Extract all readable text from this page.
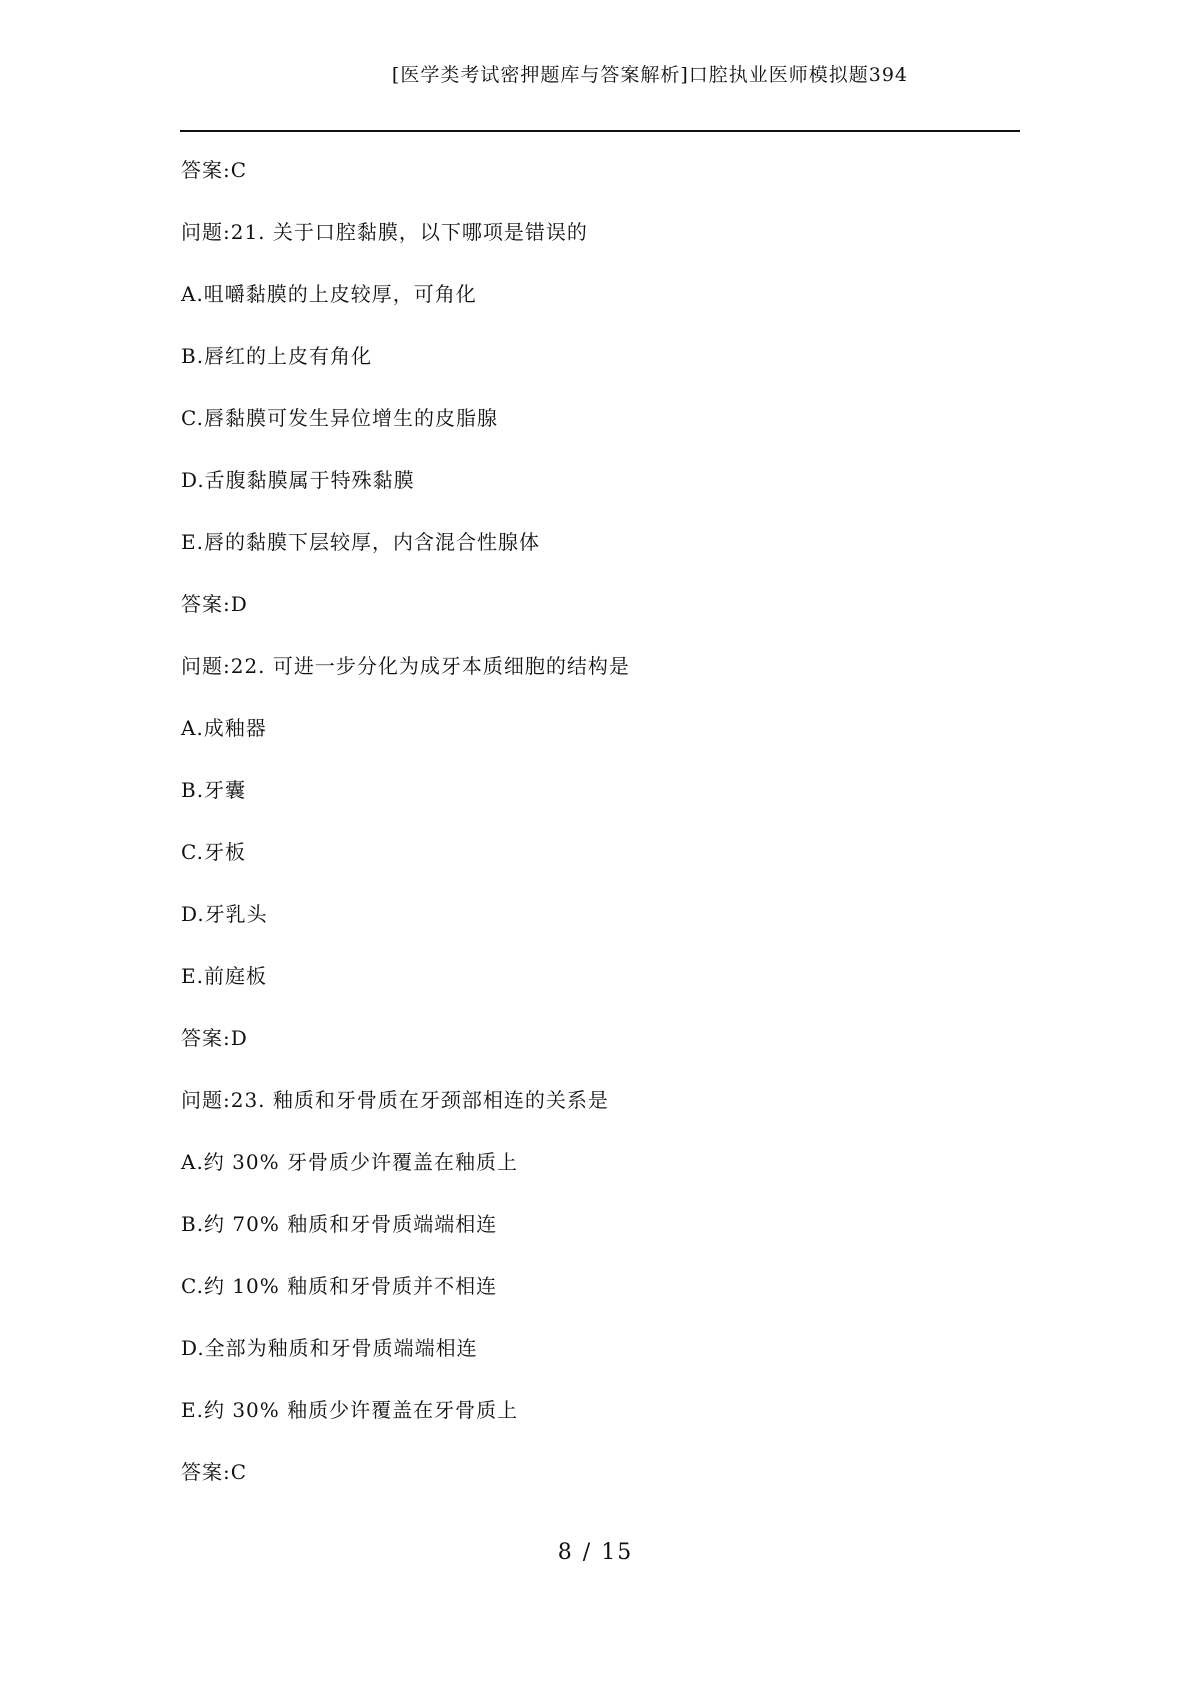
[医学类考试密押题库与答案解析]口腔执业医师模拟题394
答案:C
问题:21. 关于口腔黏膜，以下哪项是错误的
A.咀嚼黏膜的上皮较厚，可角化
B.唇红的上皮有角化
C.唇黏膜可发生异位增生的皮脂腺
D.舌腹黏膜属于特殊黏膜
E.唇的黏膜下层较厚，内含混合性腺体
答案:D
问题:22. 可进一步分化为成牙本质细胞的结构是
A.成釉器
B.牙囊
C.牙板
D.牙乳头
E.前庭板
答案:D
问题:23. 釉质和牙骨质在牙颈部相连的关系是
A.约 30% 牙骨质少许覆盖在釉质上
B.约 70% 釉质和牙骨质端端相连
C.约 10% 釉质和牙骨质并不相连
D.全部为釉质和牙骨质端端相连
E.约 30% 釉质少许覆盖在牙骨质上
答案:C
8 / 15
